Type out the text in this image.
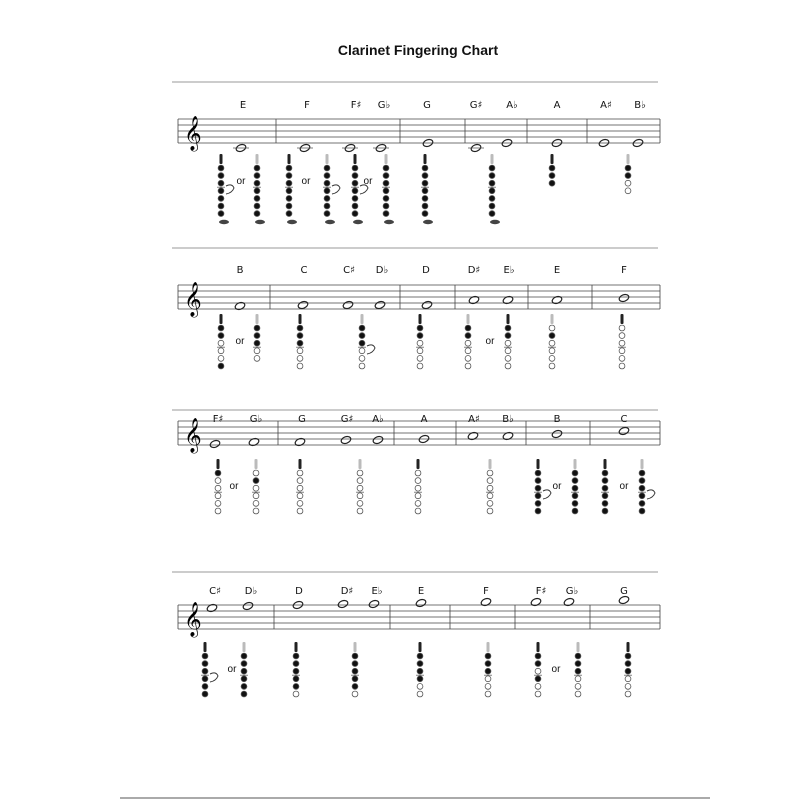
Clarinet Fingering Chart
𝄞
𝄞
𝄞
𝄞
E	F	F♯ G♭	G	G♯ A♭	A	A♯ B♭
or	or	or
B	C	C♯ D♭	D	D♯ E♭	E	F
or	or
F♯	G♭	G	G♯ A♭	A	A♯ B♭	B	C
or	or	or
C♯ D♭	D	D♯ E♭	E	F	F♯ G♭	G
or	or
